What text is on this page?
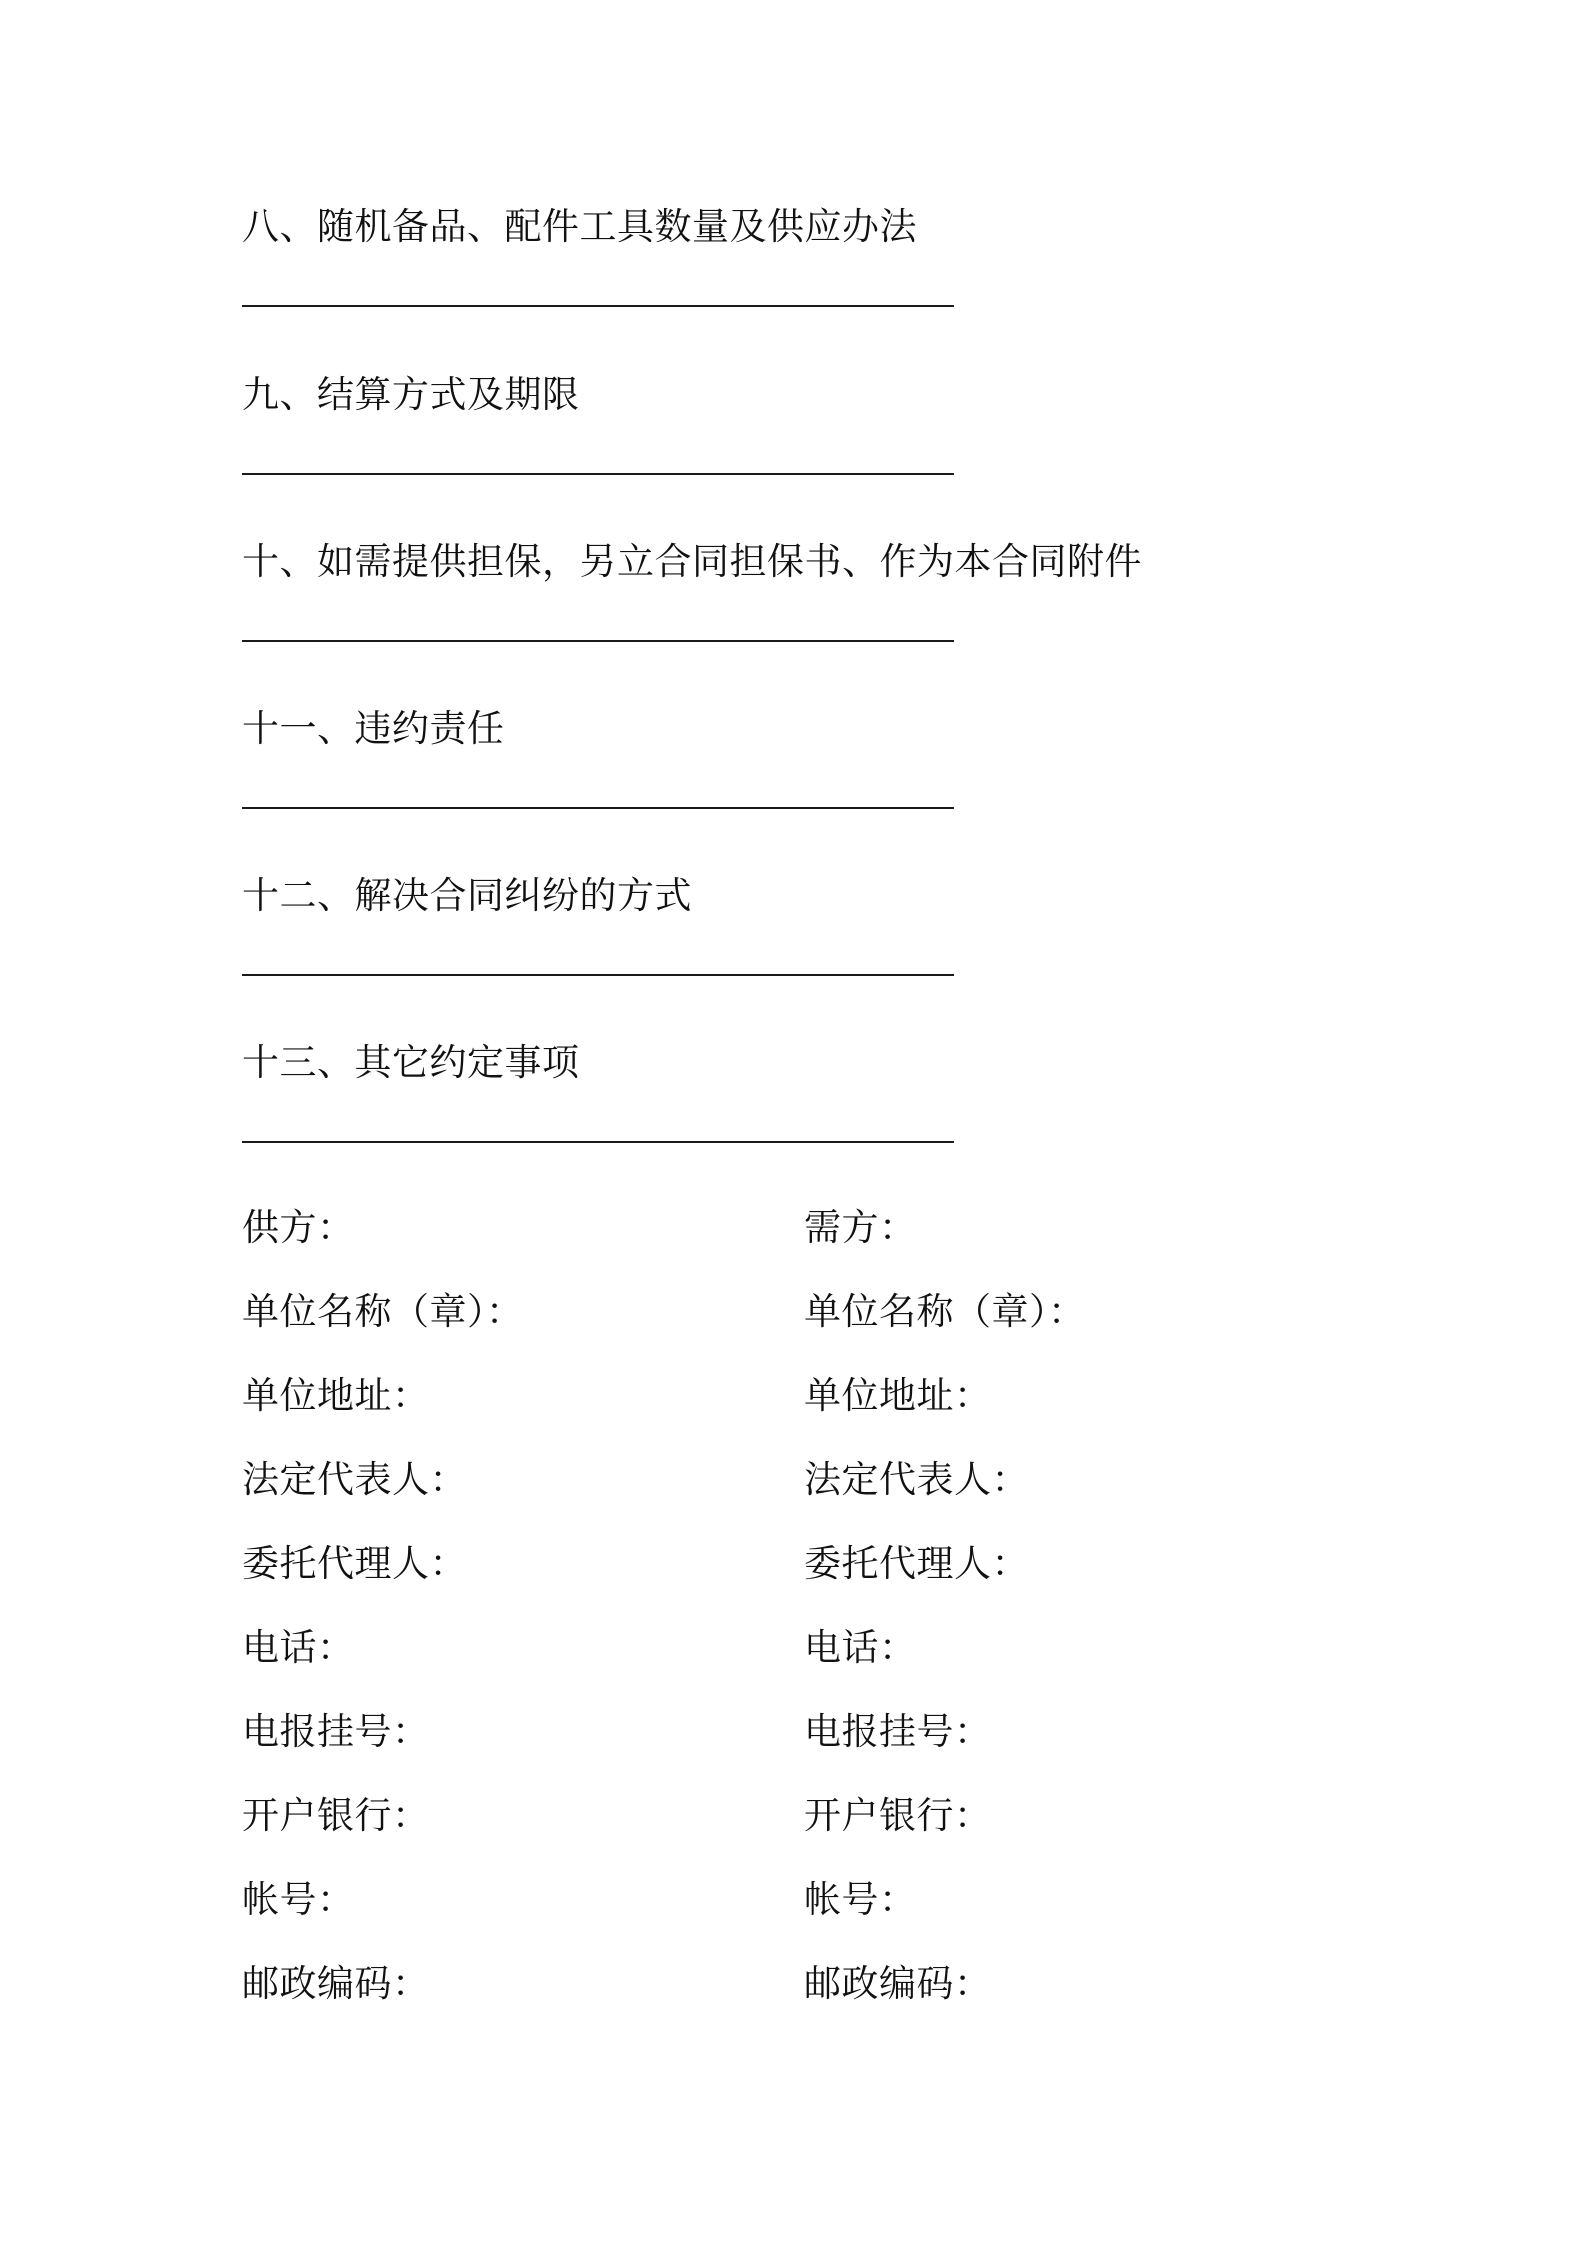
八、随机备品、配件工具数量及供应办法
九、结算方式及期限
十、如需提供担保，另立合同担保书、作为本合同附件
十一、违约责任
十二、解决合同纠纷的方式
十三、其它约定事项
供方：
单位名称（章）：
单位地址：
法定代表人：
委托代理人：
电话：
电报挂号：
开户银行：
帐号：
邮政编码：
需方：
单位名称（章）：
单位地址：
法定代表人：
委托代理人：
电话：
电报挂号：
开户银行：
帐号：
邮政编码：
